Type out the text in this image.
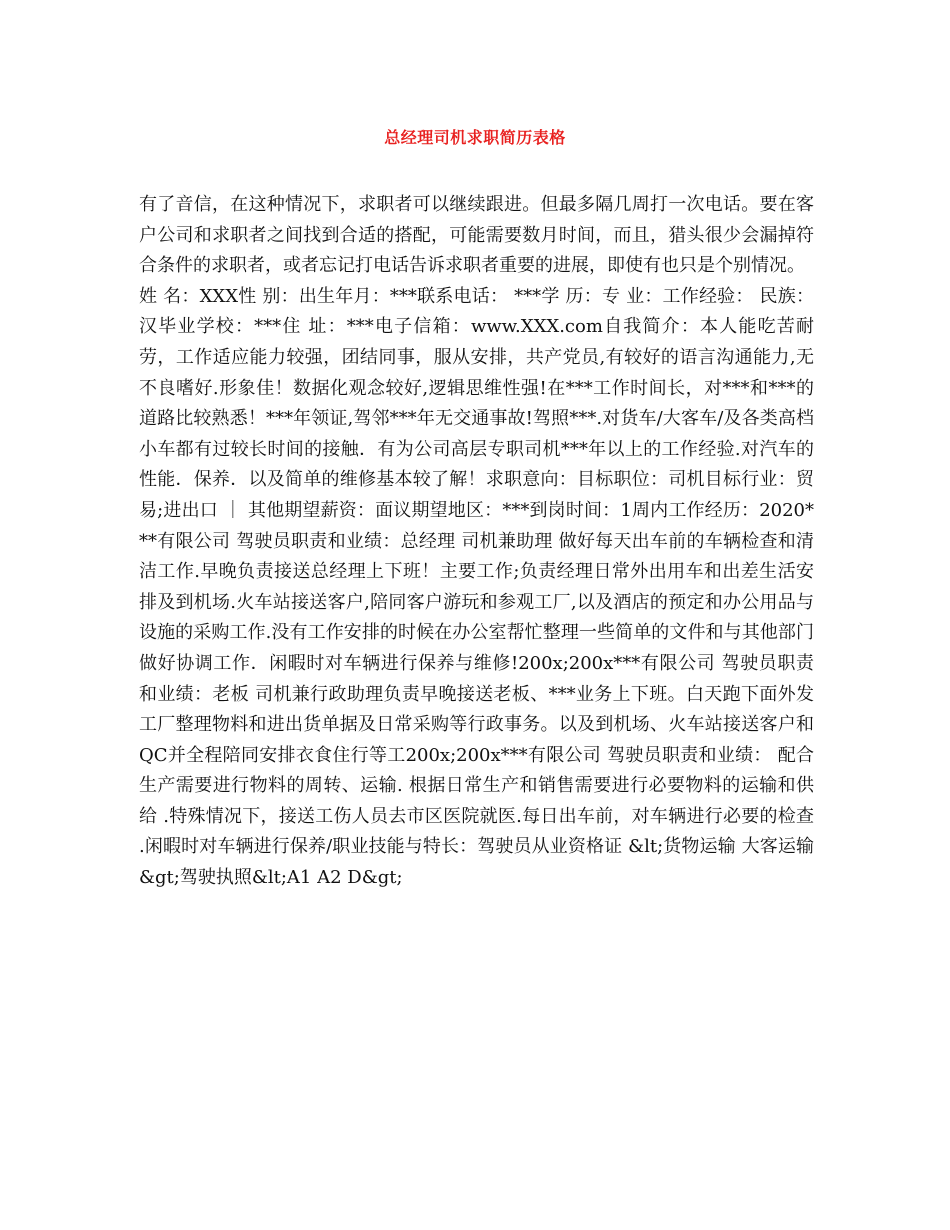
总经理司机求职简历表格

有了音信，在这种情况下，求职者可以继续跟进。但最多隔几周打一次电话。要在客户公司和求职者之间找到合适的搭配，可能需要数月时间，而且，猎头很少会漏掉符合条件的求职者，或者忘记打电话告诉求职者重要的进展，即使有也只是个别情况。

姓 名：XXX性 别：出生年月：***联系电话： ***学 历：专 业：工作经验： 民族：汉毕业学校：***住 址：***电子信箱：www.XXX.com自我简介：本人能吃苦耐劳，工作适应能力较强，团结同事，服从安排，共产党员,有较好的语言沟通能力,无不良嗜好.形象佳！数据化观念较好,逻辑思维性强!在***工作时间长，对***和***的道路比较熟悉！***年领证,驾邻***年无交通事故!驾照***.对货车/大客车/及各类高档小车都有过较长时间的接触．有为公司高层专职司机***年以上的工作经验.对汽车的性能．保养．以及简单的维修基本较了解！求职意向：目标职位：司机目标行业：贸易;进出口 ｜ 其他期望薪资：面议期望地区：***到岗时间：1周内工作经历：2020***有限公司 驾驶员职责和业绩：总经理 司机兼助理 做好每天出车前的车辆检查和清洁工作.早晚负责接送总经理上下班！主要工作;负责经理日常外出用车和出差生活安排及到机场.火车站接送客户,陪同客户游玩和参观工厂,以及酒店的预定和办公用品与设施的采购工作.没有工作安排的时候在办公室帮忙整理一些简单的文件和与其他部门做好协调工作．闲暇时对车辆进行保养与维修!200x;200x***有限公司 驾驶员职责和业绩：老板 司机兼行政助理负责早晚接送老板、***业务上下班。白天跑下面外发工厂整理物料和进出货单据及日常采购等行政事务。以及到机场、火车站接送客户和QC并全程陪同安排衣食住行等工200x;200x***有限公司 驾驶员职责和业绩： 配合生产需要进行物料的周转、运输. 根据日常生产和销售需要进行必要物料的运输和供给 .特殊情况下，接送工伤人员去市区医院就医.每日出车前，对车辆进行必要的检查 .闲暇时对车辆进行保养/职业技能与特长：驾驶员从业资格证 &lt;货物运输 大客运输&gt;驾驶执照&lt;A1 A2 D&gt;
